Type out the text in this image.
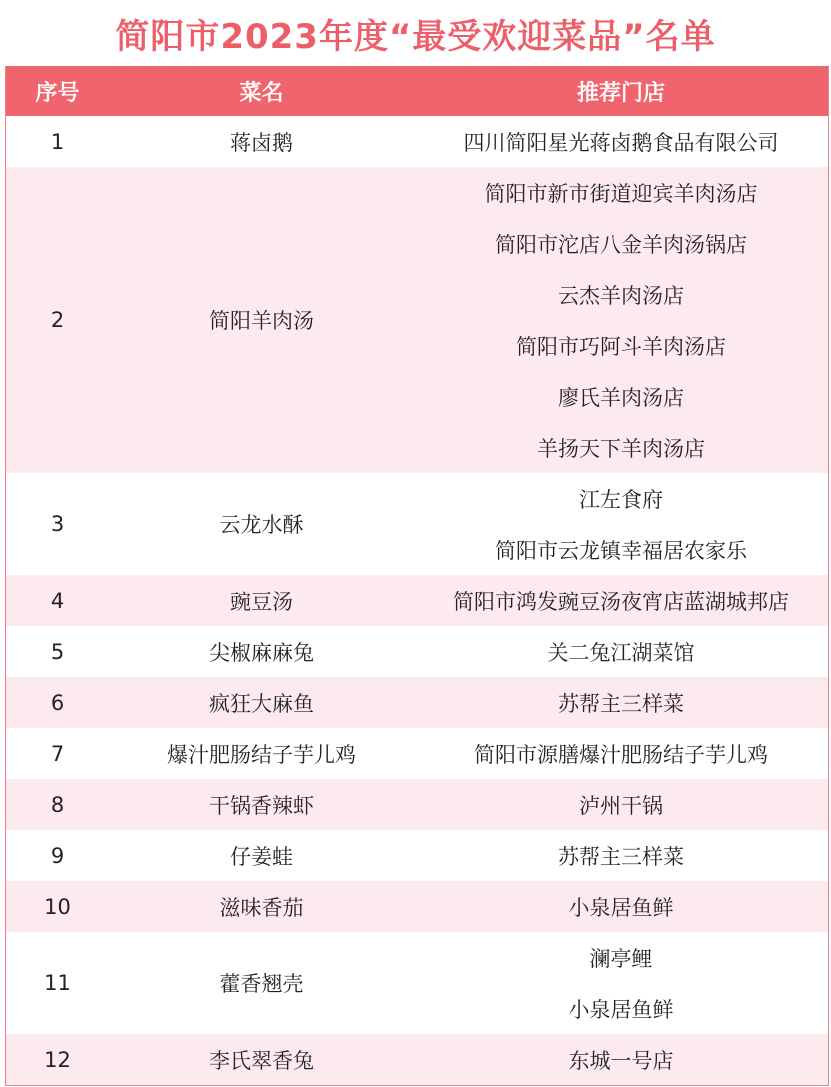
简阳市2023年度“最受欢迎菜品”名单
序号	菜名	推荐门店
1	蒋卤鹅	四川简阳星光蒋卤鹅食品有限公司
2	简阳羊肉汤
简阳市新市街道迎宾羊肉汤店
简阳市沱店八金羊肉汤锅店
云杰羊肉汤店
简阳市巧阿斗羊肉汤店
廖氏羊肉汤店
羊扬天下羊肉汤店
3	云龙水酥
江左食府
简阳市云龙镇幸福居农家乐
4	豌豆汤	简阳市鸿发豌豆汤夜宵店蓝湖城邦店
5	尖椒麻麻兔	关二兔江湖菜馆
6	疯狂大麻鱼	苏帮主三样菜
7	爆汁肥肠结子芋儿鸡	简阳市源膳爆汁肥肠结子芋儿鸡
8	干锅香辣虾	泸州干锅
9	仔姜蛙	苏帮主三样菜
10	滋味香茄	小泉居鱼鲜
11	藿香翘壳
澜亭鲤
小泉居鱼鲜
12	李氏翠香兔	东城一号店
